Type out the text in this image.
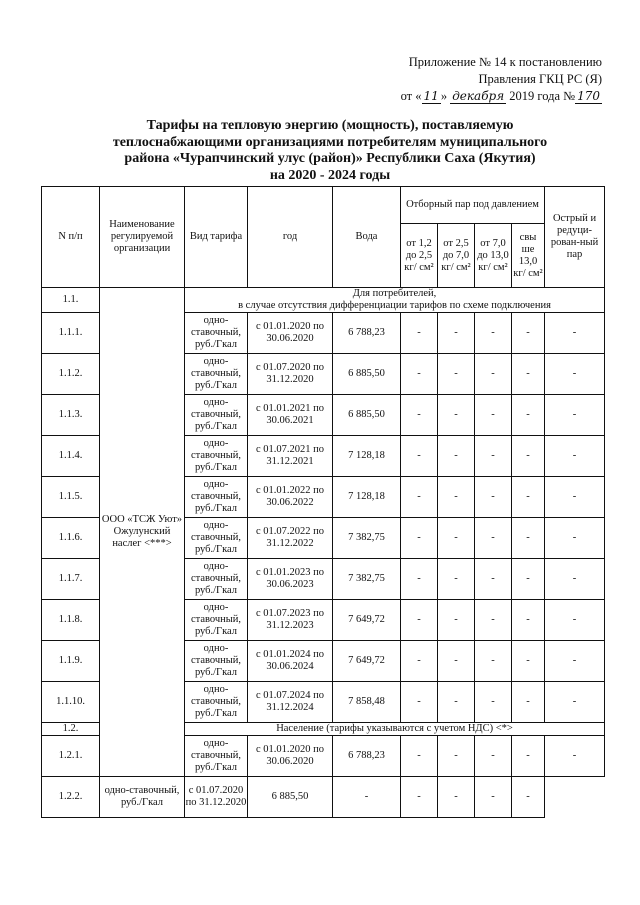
Приложение № 14 к постановлению
Правления ГКЦ РС (Я)
от « 11 » декабря 2019 года № 170
Тарифы на тепловую энергию (мощность), поставляемую
теплоснабжающими организациями потребителям муниципального
района «Чурапчинский улус (район)» Республики Саха (Якутия)
на 2020 - 2024 годы
N п/п	Наименование регулируемой организации	Вид тарифа	год	Вода	Отборный пар под давлением				Острый и редуци-рован-ный пар
					от 1,2 до 2,5 кг/ см²	от 2,5 до 7,0 кг/ см²	от 7,0 до 13,0 кг/ см²	свы ше 13,0 кг/ см²	
1.1.	ООО «ТСЖ Уют» Ожулунский наслег <***>	Для потребителей,
в случае отсутствия дифференциации тарифов по схеме подключения							

1.1.1.		одно-ставочный, руб./Гкал	с 01.01.2020 по 30.06.2020	6 788,23	-	-	-	-	-
1.1.2.		одно-ставочный, руб./Гкал	с 01.07.2020 по 31.12.2020	6 885,50	-	-	-	-	-
1.1.3.		одно-ставочный, руб./Гкал	с 01.01.2021 по 30.06.2021	6 885,50	-	-	-	-	-
1.1.4.		одно-ставочный, руб./Гкал	с 01.07.2021 по 31.12.2021	7 128,18	-	-	-	-	-
1.1.5.		одно-ставочный, руб./Гкал	с 01.01.2022 по 30.06.2022	7 128,18	-	-	-	-	-
1.1.6.		одно-ставочный, руб./Гкал	с 01.07.2022 по 31.12.2022	7 382,75	-	-	-	-	-
1.1.7.		одно-ставочный, руб./Гкал	с 01.01.2023 по 30.06.2023	7 382,75	-	-	-	-	-
1.1.8.		одно-ставочный, руб./Гкал	с 01.07.2023 по 31.12.2023	7 649,72	-	-	-	-	-
1.1.9.		одно-ставочный, руб./Гкал	с 01.01.2024 по 30.06.2024	7 649,72	-	-	-	-	-
1.1.10.		одно-ставочный, руб./Гкал	с 01.07.2024 по 31.12.2024	7 858,48	-	-	-	-	-
1.2.		Население (тарифы указываются с учетом НДС) <*>							
1.2.1.		одно-ставочный, руб./Гкал	с 01.01.2020 по 30.06.2020	6 788,23	-	-	-	-	-
1.2.2.	одно-ставочный, руб./Гкал	с 01.07.2020 по 31.12.2020	6 885,50	-	-	-	-	-	
